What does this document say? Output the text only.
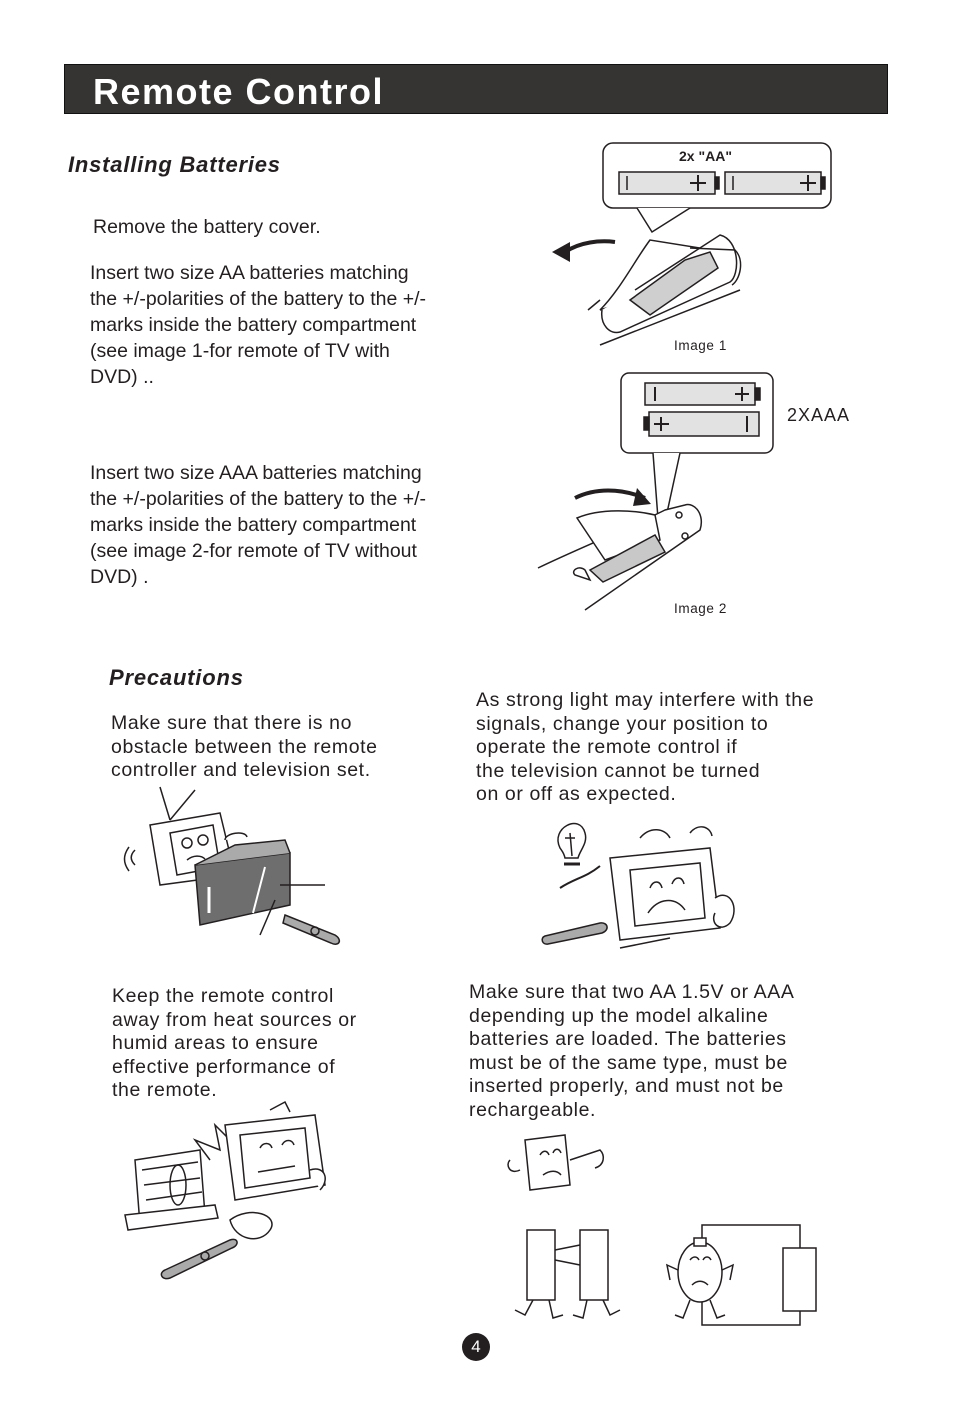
Remote Control
Installing Batteries
Remove the battery cover.
Insert two size AA batteries matching
the +/-polarities of the battery to the +/-
marks inside the battery compartment
(see image 1-for remote of TV with
DVD) ..
Insert two size AAA batteries matching
the +/-polarities of the battery to the +/-
marks inside the battery compartment
(see image 2-for remote of TV without
DVD) .
2x "AA"
Image 1
2XAAA
Image 2
Precautions
Make sure that there is no
obstacle between the remote
controller and television set.
As strong light may interfere with the
signals, change your position to
operate the remote control if
the television cannot be turned
on or off as expected.
Keep the remote control
away from heat sources or
humid areas to ensure
effective performance of
the remote.
Make sure that two AA 1.5V or AAA
depending up the model alkaline
batteries are loaded. The batteries
must be of the same type, must be
inserted properly, and must not be
rechargeable.
4
